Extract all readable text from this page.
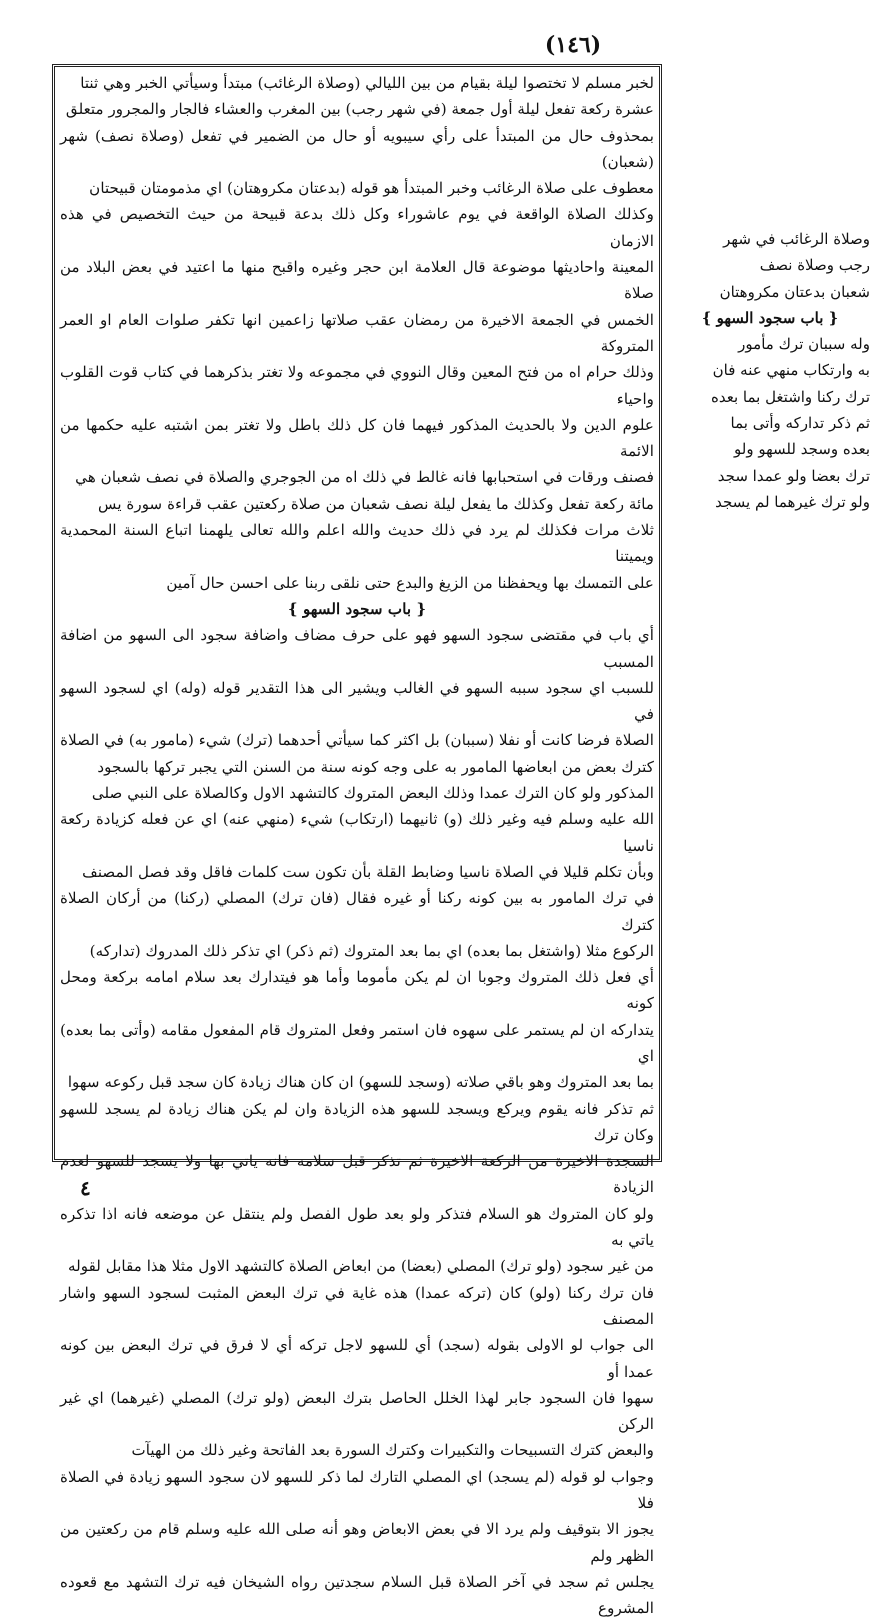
(١٤٦)

لخبر مسلم لا تختصوا ليلة بقيام من بين الليالي (وصلاة الرغائب) مبتدأ وسيأتي الخبر وهي ثنتا

عشرة ركعة تفعل ليلة أول جمعة (في شهر رجب) بين المغرب والعشاء فالجار والمجرور متعلق

بمحذوف حال من المبتدأ على رأي سيبويه أو حال من الضمير في تفعل (وصلاة نصف) شهر (شعبان)

معطوف على صلاة الرغائب وخبر المبتدأ هو قوله (بدعتان مكروهتان) اي مذمومتان قبيحتان

وكذلك الصلاة الواقعة في يوم عاشوراء وكل ذلك بدعة قبيحة من حيث التخصيص في هذه الازمان

المعينة واحاديثها موضوعة قال العلامة ابن حجر وغيره واقبح منها ما اعتيد في بعض البلاد من صلاة

الخمس في الجمعة الاخيرة من رمضان عقب صلاتها زاعمين انها تكفر صلوات العام او العمر المتروكة

وذلك حرام اه من فتح المعين وقال النووي في مجموعه ولا تغتر بذكرهما في كتاب قوت القلوب واحياء

علوم الدين ولا بالحديث المذكور فيهما فان كل ذلك باطل ولا تغتر بمن اشتبه عليه حكمها من الائمة

فصنف ورقات في استحبابها فانه غالط في ذلك اه من الجوجري والصلاة في نصف شعبان هي

مائة ركعة تفعل وكذلك ما يفعل ليلة نصف شعبان من صلاة ركعتين عقب قراءة سورة يس

ثلاث مرات فكذلك لم يرد في ذلك حديث والله اعلم والله تعالى يلهمنا اتباع السنة المحمدية ويميتنا

على التمسك بها ويحفظنا من الزيغ والبدع حتى نلقى ربنا على احسن حال آمين

{ باب سجود السهو }

أي باب في مقتضى سجود السهو فهو على حرف مضاف واضافة سجود الى السهو من اضافة المسبب

للسبب اي سجود سببه السهو في الغالب ويشير الى هذا التقدير قوله (وله) اي لسجود السهو في

الصلاة فرضا كانت أو نفلا (سببان) بل اكثر كما سيأتي أحدهما (ترك) شيء (مامور به) في الصلاة

كترك بعض من ابعاضها المامور به على وجه كونه سنة من السنن التي يجبر تركها بالسجود

المذكور ولو كان الترك عمدا وذلك البعض المتروك كالتشهد الاول وكالصلاة على النبي صلى

الله عليه وسلم فيه وغير ذلك (و) ثانيهما (ارتكاب) شيء (منهي عنه) اي عن فعله كزيادة ركعة ناسيا

وبأن تكلم قليلا في الصلاة ناسيا وضابط القلة بأن تكون ست كلمات فاقل وقد فصل المصنف

في ترك المامور به بين كونه ركنا أو غيره فقال (فان ترك) المصلي (ركنا) من أركان الصلاة كترك

الركوع مثلا (واشتغل بما بعده) اي بما بعد المتروك (ثم ذكر) اي تذكر ذلك المدروك (تداركه)

أي فعل ذلك المتروك وجوبا ان لم يكن مأموما وأما هو فيتدارك بعد سلام امامه بركعة ومحل كونه

يتداركه ان لم يستمر على سهوه فان استمر وفعل المتروك قام المفعول مقامه (وأتى بما بعده) اي

بما بعد المتروك وهو باقي صلاته (وسجد للسهو) ان كان هناك زيادة كان سجد قبل ركوعه سهوا

ثم تذكر فانه يقوم ويركع ويسجد للسهو هذه الزيادة وان لم يكن هناك زيادة لم يسجد للسهو وكان ترك

السجدة الاخيرة من الركعة الاخيرة ثم تذكر قبل سلامه فانه ياتي بها ولا يسجد للسهو لعدم الزيادة

ولو كان المتروك هو السلام فتذكر ولو بعد طول الفصل ولم ينتقل عن موضعه فانه اذا تذكره ياتي به

من غير سجود (ولو ترك) المصلي (بعضا) من ابعاض الصلاة كالتشهد الاول مثلا هذا مقابل لقوله

فان ترك ركنا (ولو) كان (تركه عمدا) هذه غاية في ترك البعض المثبت لسجود السهو واشار المصنف

الى جواب لو الاولى بقوله (سجد) أي للسهو لاجل تركه أي لا فرق في ترك البعض بين كونه عمدا أو

سهوا فان السجود جابر لهذا الخلل الحاصل بترك البعض (ولو ترك) المصلي (غيرهما) اي غير الركن

والبعض كترك التسبيحات والتكبيرات وكترك السورة بعد الفاتحة وغير ذلك من الهيآت

وجواب لو قوله (لم يسجد) اي المصلي التارك لما ذكر للسهو لان سجود السهو زيادة في الصلاة فلا

يجوز الا بتوقيف ولم يرد الا في بعض الابعاض وهو أنه صلى الله عليه وسلم قام من ركعتين من الظهر ولم

يجلس ثم سجد في آخر الصلاة قبل السلام سجدتين رواه الشيخان فيه ترك التشهد مع قعوده المشروع

وصلاة الرغائب في شهر

رجب وصلاة نصف

شعبان بدعتان مكروهتان

{ باب سجود السهو }

وله سببان ترك مأمور

به وارتكاب منهي عنه فان

ترك ركنا واشتغل بما بعده

ثم ذكر تداركه وأتى بما

بعده وسجد للسهو ولو

ترك بعضا ولو عمدا سجد

ولو ترك غيرهما لم يسجد

٤
